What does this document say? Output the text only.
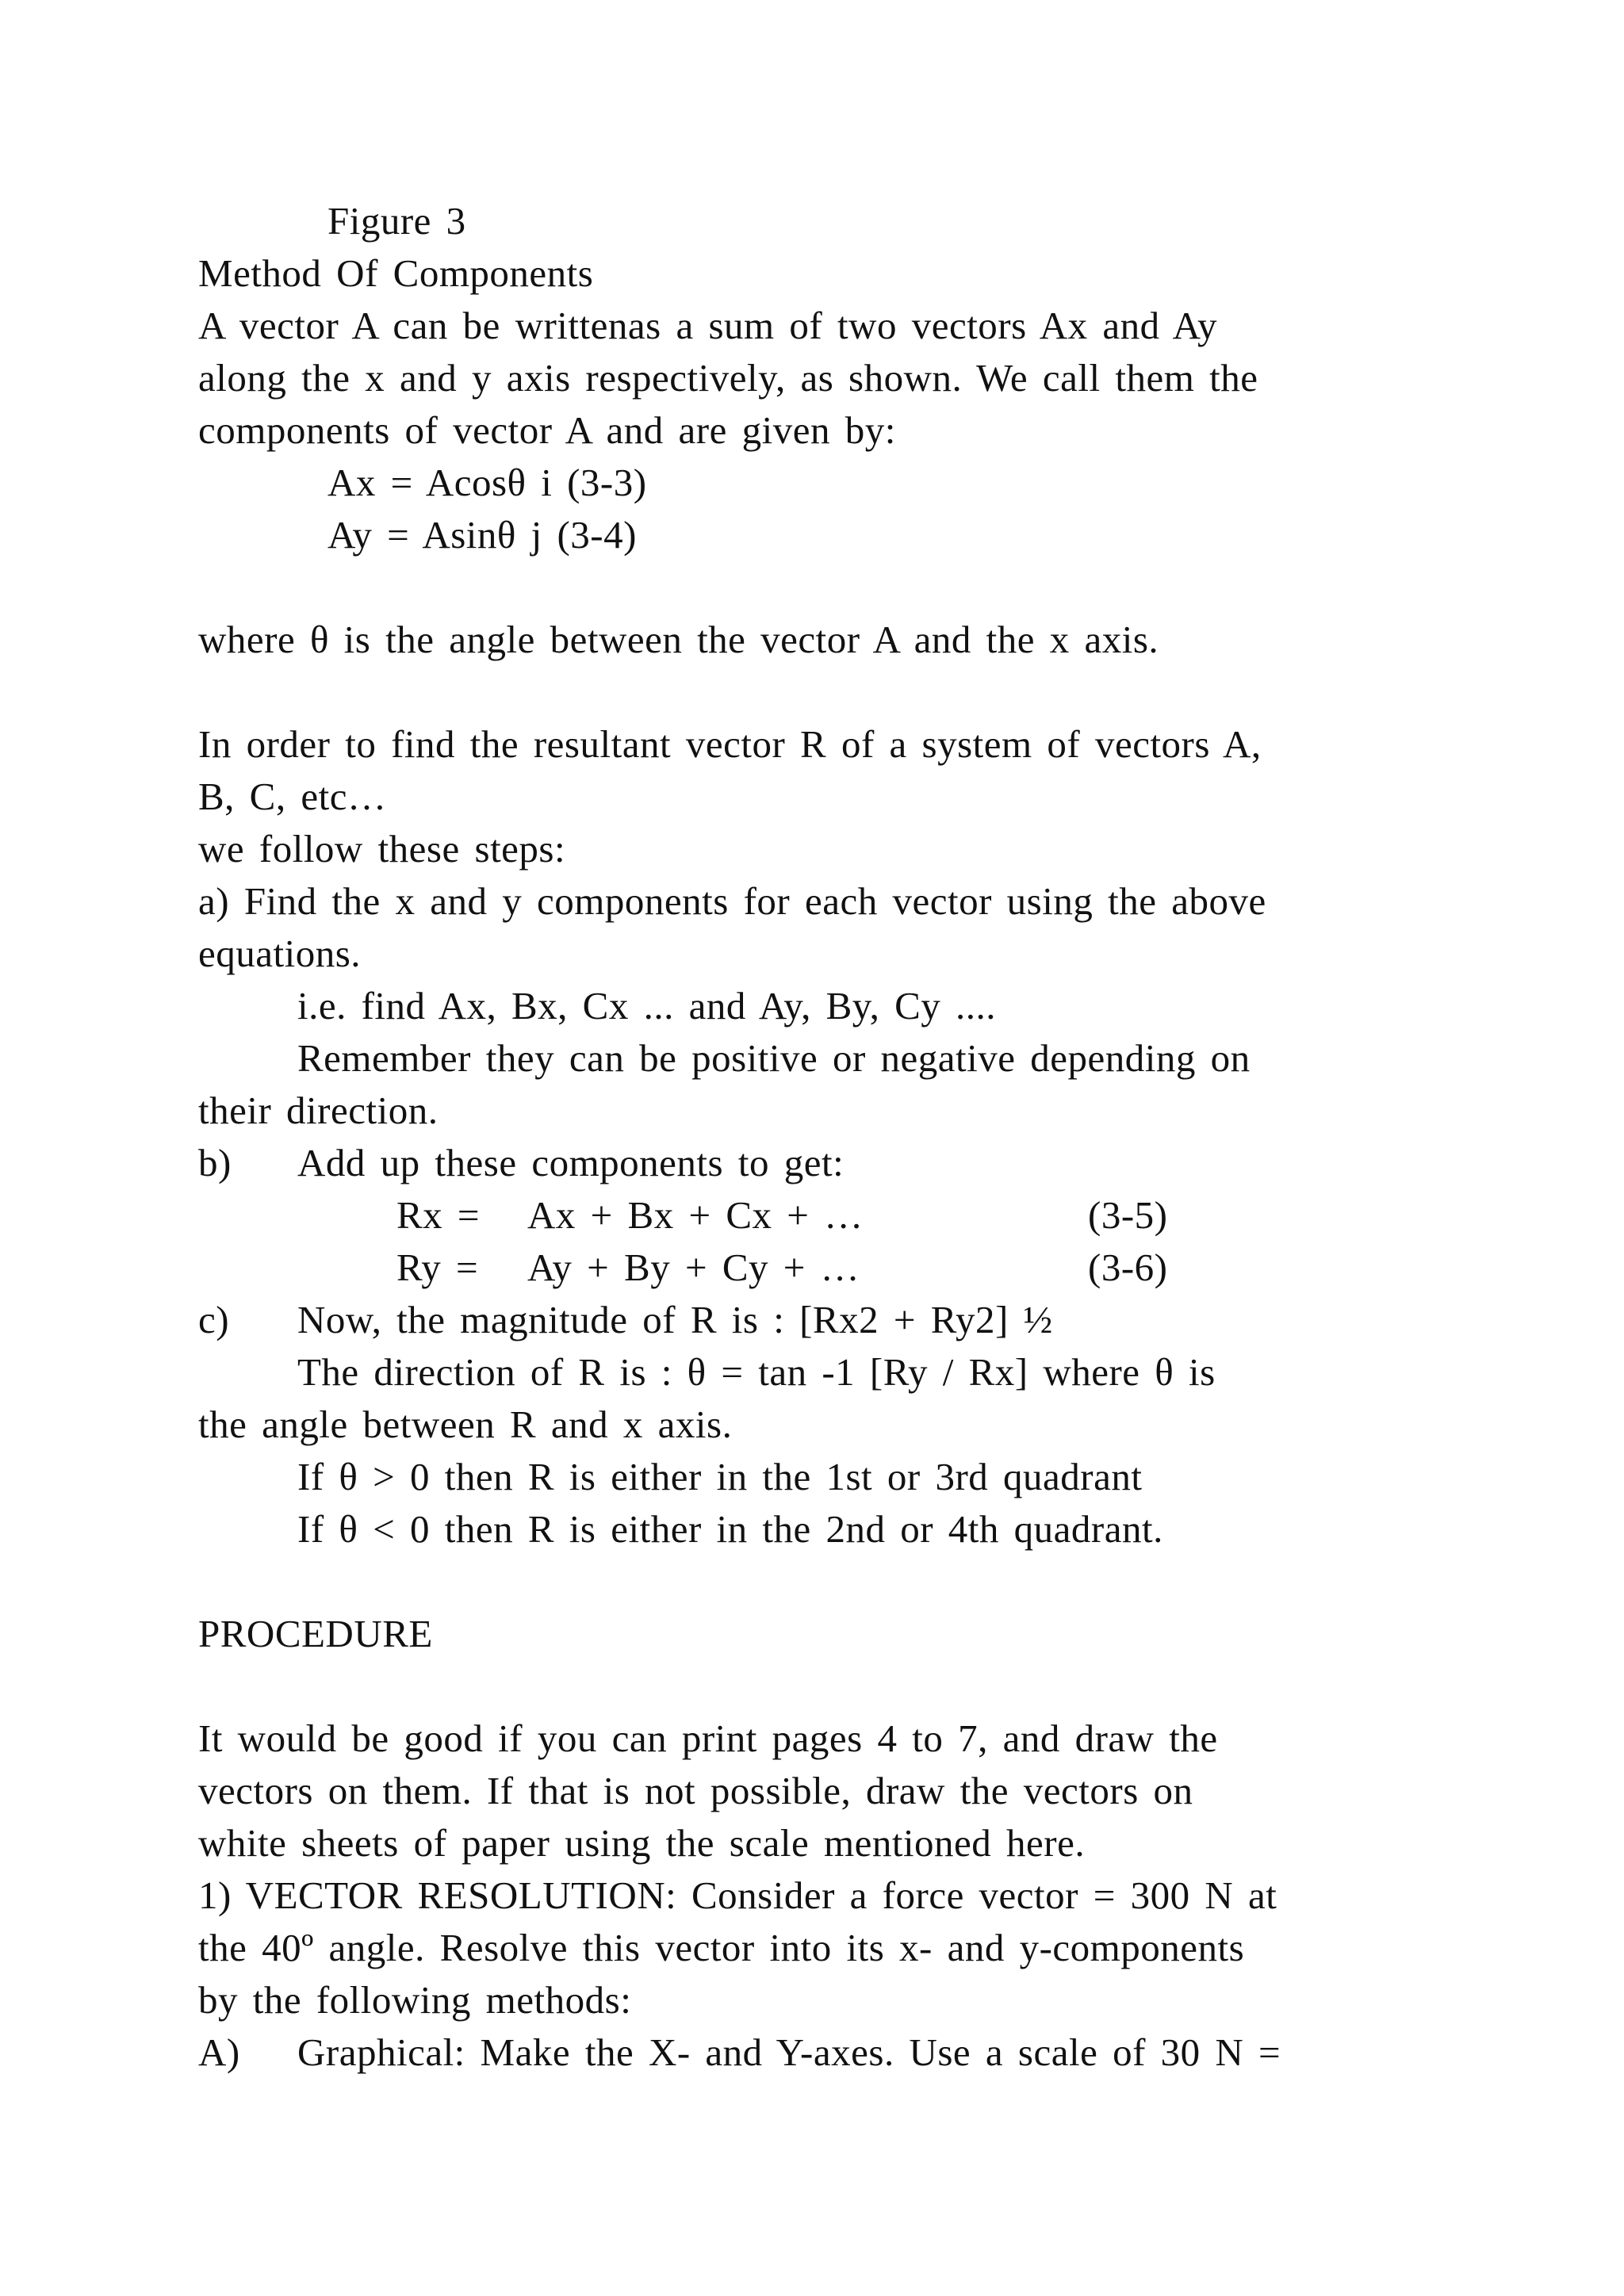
Figure 3
Method Of Components
A vector A can be writtenas a sum of two vectors Ax and Ay
along the x and y axis respectively, as shown. We call them the
components of vector A and are given by:
Ax = Acosθ i (3-3)
Ay = Asinθ j (3-4)
where θ is the angle between the vector A and the x axis.
In order to find the resultant vector R of a system of vectors A,
B, C, etc…
we follow these steps:
a) Find the x and y components for each vector using the above
equations.
i.e. find Ax, Bx, Cx ... and Ay, By, Cy ....
Remember they can be positive or negative depending on
their direction.
b) Add up these components to get:
Rx = Ax + Bx + Cx + …	(3-5)
Ry = Ay + By + Cy + …	(3-6)
c) Now, the magnitude of R is : [Rx2 + Ry2] ½
The direction of R is : θ = tan -1 [Ry / Rx] where θ is
the angle between R and x axis.
If θ > 0 then R is either in the 1st or 3rd quadrant
If θ < 0 then R is either in the 2nd or 4th quadrant.
PROCEDURE
It would be good if you can print pages 4 to 7, and draw the
vectors on them. If that is not possible, draw the vectors on
white sheets of paper using the scale mentioned here.
1) VECTOR RESOLUTION: Consider a force vector = 300 N at
the 40º angle. Resolve this vector into its x- and y-components
by the following methods:
A) Graphical: Make the X- and Y-axes. Use a scale of 30 N =
